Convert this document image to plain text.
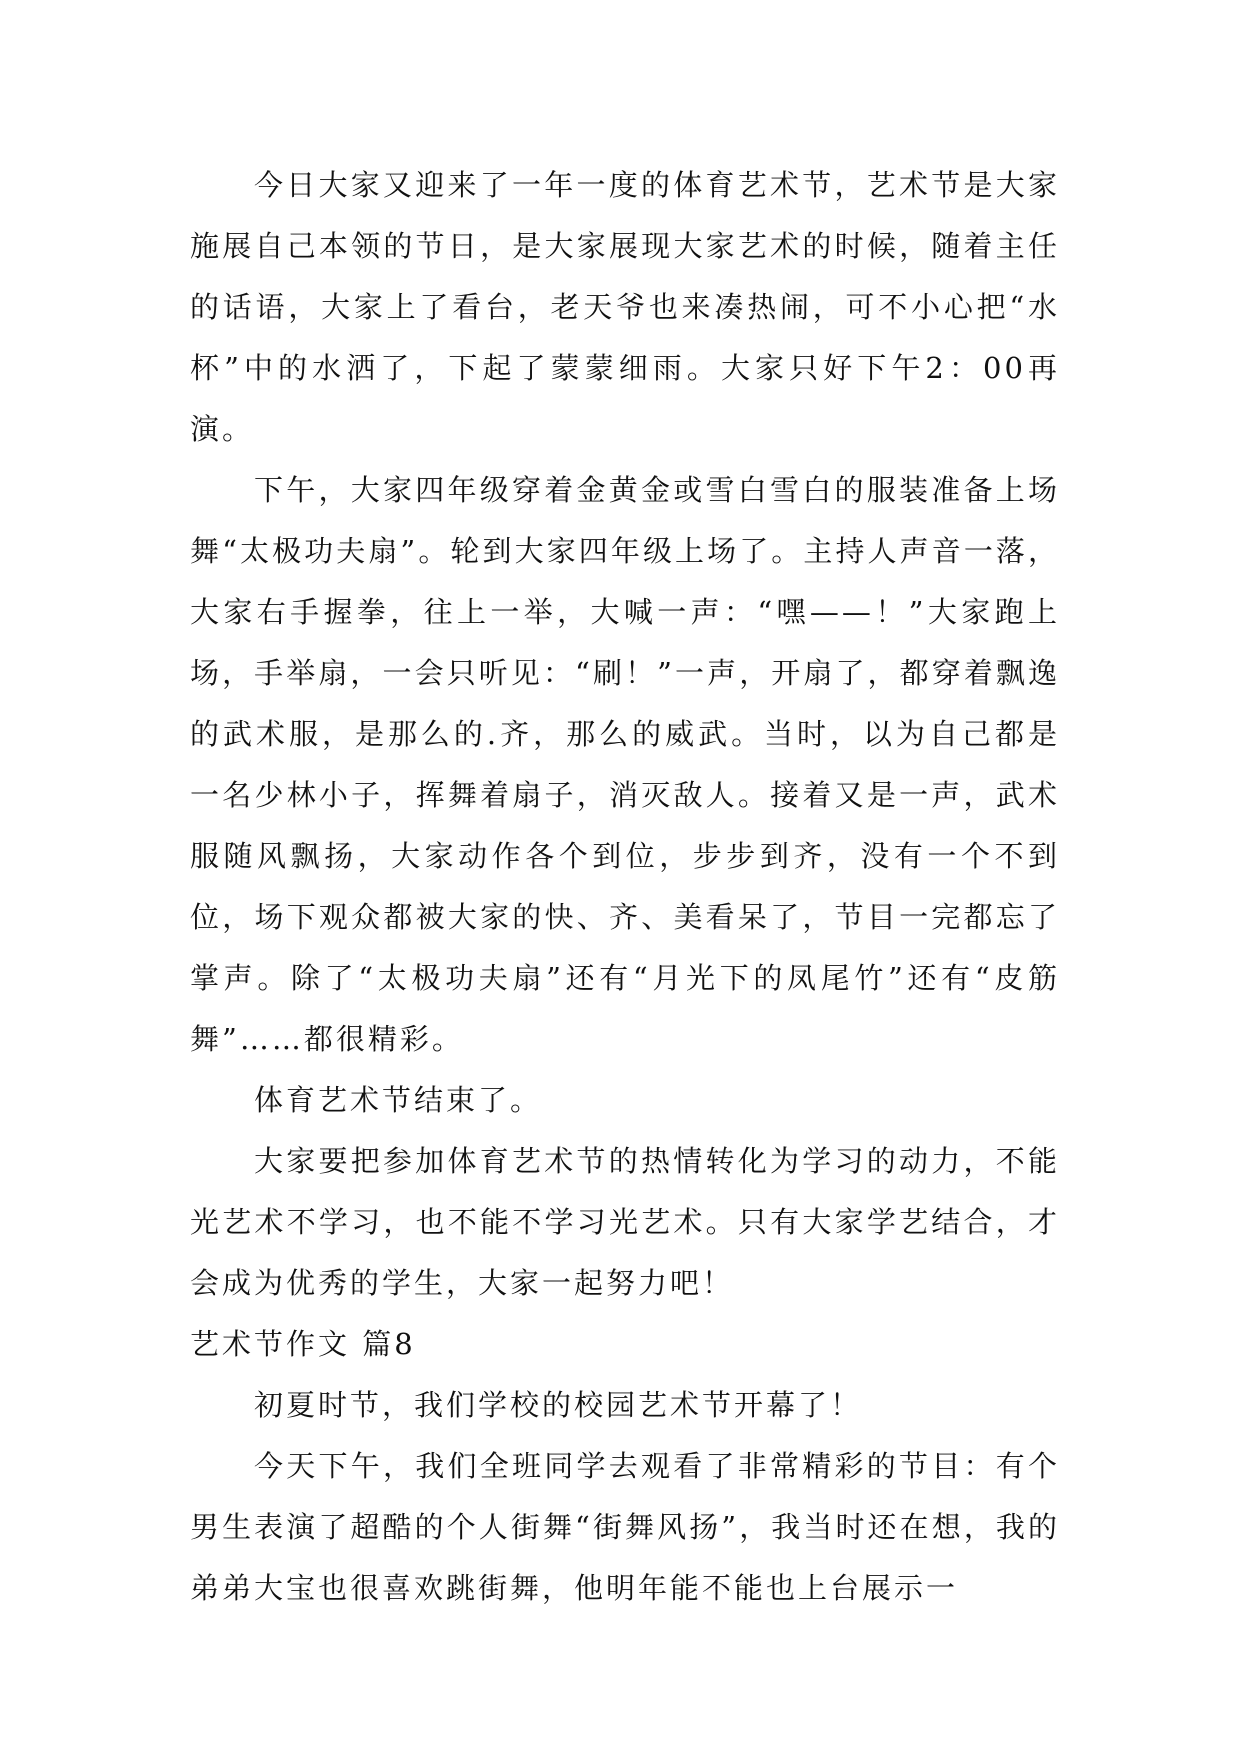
今日大家又迎来了一年一度的体育艺术节，艺术节是大家施展自己本领的节日，是大家展现大家艺术的时候，随着主任的话语，大家上了看台，老天爷也来凑热闹，可不小心把“水杯”中的水洒了，下起了蒙蒙细雨。大家只好下午2：00再演。

下午，大家四年级穿着金黄金或雪白雪白的服装准备上场舞“太极功夫扇”。轮到大家四年级上场了。主持人声音一落，大家右手握拳，往上一举，大喊一声：“嘿——！”大家跑上场，手举扇，一会只听见：“刷！”一声，开扇了，都穿着飘逸的武术服，是那么的.齐，那么的威武。当时，以为自己都是一名少林小子，挥舞着扇子，消灭敌人。接着又是一声，武术服随风飘扬，大家动作各个到位，步步到齐，没有一个不到位，场下观众都被大家的快、齐、美看呆了，节目一完都忘了掌声。除了“太极功夫扇”还有“月光下的凤尾竹”还有“皮筋舞”……都很精彩。

体育艺术节结束了。

大家要把参加体育艺术节的热情转化为学习的动力，不能光艺术不学习，也不能不学习光艺术。只有大家学艺结合，才会成为优秀的学生，大家一起努力吧！

艺术节作文 篇8

初夏时节，我们学校的校园艺术节开幕了！

今天下午，我们全班同学去观看了非常精彩的节目：有个男生表演了超酷的个人街舞“街舞风扬”，我当时还在想，我的弟弟大宝也很喜欢跳街舞，他明年能不能也上台展示一
